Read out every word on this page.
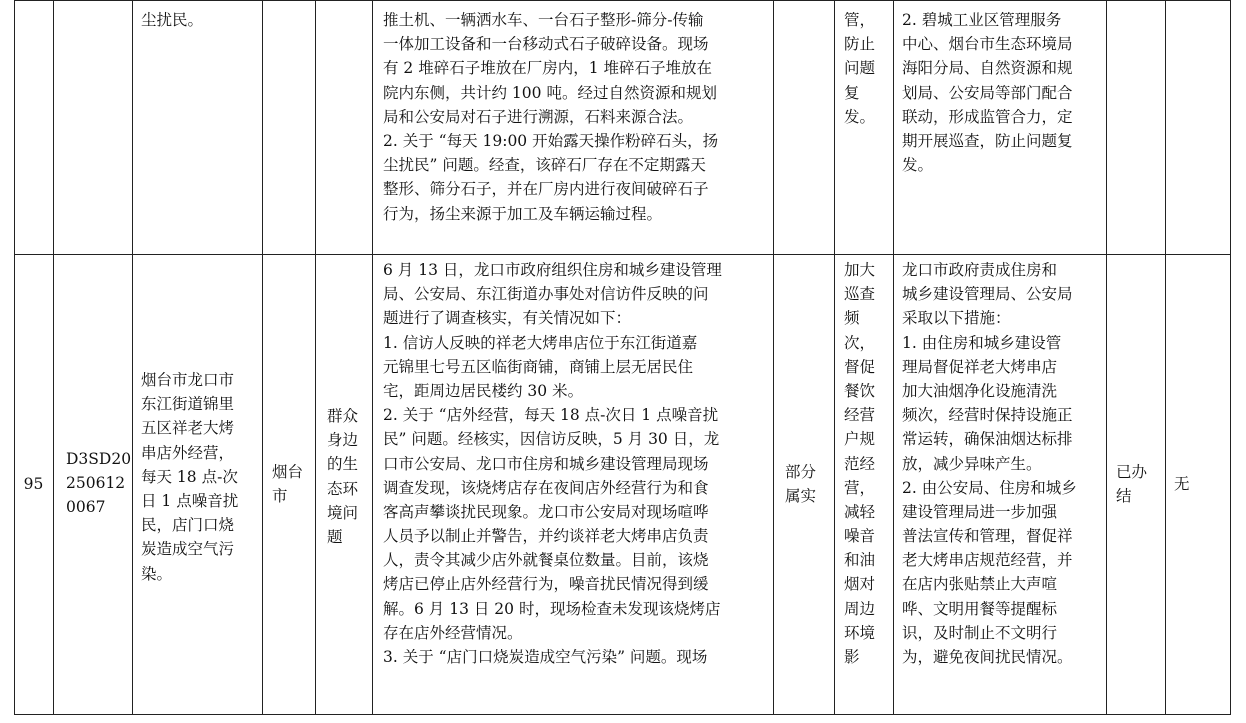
尘扰民。	推土机、一辆洒水车、一台石子整形-筛分-传输
一体加工设备和一台移动式石子破碎设备。现场
有 2 堆碎石子堆放在厂房内，1 堆碎石子堆放在
院内东侧，共计约 100 吨。经过自然资源和规划
局和公安局对石子进行溯源，石料来源合法。
2. 关于 “每天 19:00 开始露天操作粉碎石头，扬
尘扰民” 问题。经查，该碎石厂存在不定期露天
整形、筛分石子，并在厂房内进行夜间破碎石子
行为，扬尘来源于加工及车辆运输过程。
管，
防止
问题
复
发。
2. 碧城工业区管理服务
中心、烟台市生态环境局
海阳分局、自然资源和规
划局、公安局等部门配合
联动，形成监管合力，定
期开展巡查，防止问题复
发。
95
D3SD20
250612
0067
烟台市龙口市
东江街道锦里
五区祥老大烤
串店外经营，
每天 18 点-次
日 1 点噪音扰
民，店门口烧
炭造成空气污
染。
烟台
市
群众
身边
的生
态环
境问
题
6 月 13 日，龙口市政府组织住房和城乡建设管理
局、公安局、东江街道办事处对信访件反映的问
题进行了调查核实，有关情况如下：
1. 信访人反映的祥老大烤串店位于东江街道嘉
元锦里七号五区临街商铺，商铺上层无居民住
宅，距周边居民楼约 30 米。
2. 关于 “店外经营，每天 18 点-次日 1 点噪音扰
民” 问题。经核实，因信访反映，5 月 30 日，龙
口市公安局、龙口市住房和城乡建设管理局现场
调查发现，该烧烤店存在夜间店外经营行为和食
客高声攀谈扰民现象。龙口市公安局对现场喧哗
人员予以制止并警告，并约谈祥老大烤串店负责
人，责令其减少店外就餐桌位数量。目前，该烧
烤店已停止店外经营行为，噪音扰民情况得到缓
解。6 月 13 日 20 时，现场检查未发现该烧烤店
存在店外经营情况。
3. 关于 “店门口烧炭造成空气污染” 问题。现场
部分
属实
加大
巡查
频
次，
督促
餐饮
经营
户规
范经
营，
减轻
噪音
和油
烟对
周边
环境
影
龙口市政府责成住房和
城乡建设管理局、公安局
采取以下措施：
1. 由住房和城乡建设管
理局督促祥老大烤串店
加大油烟净化设施清洗
频次，经营时保持设施正
常运转，确保油烟达标排
放，减少异味产生。
2. 由公安局、住房和城乡
建设管理局进一步加强
普法宣传和管理，督促祥
老大烤串店规范经营，并
在店内张贴禁止大声喧
哗、文明用餐等提醒标
识，及时制止不文明行
为，避免夜间扰民情况。
已办
结
无
